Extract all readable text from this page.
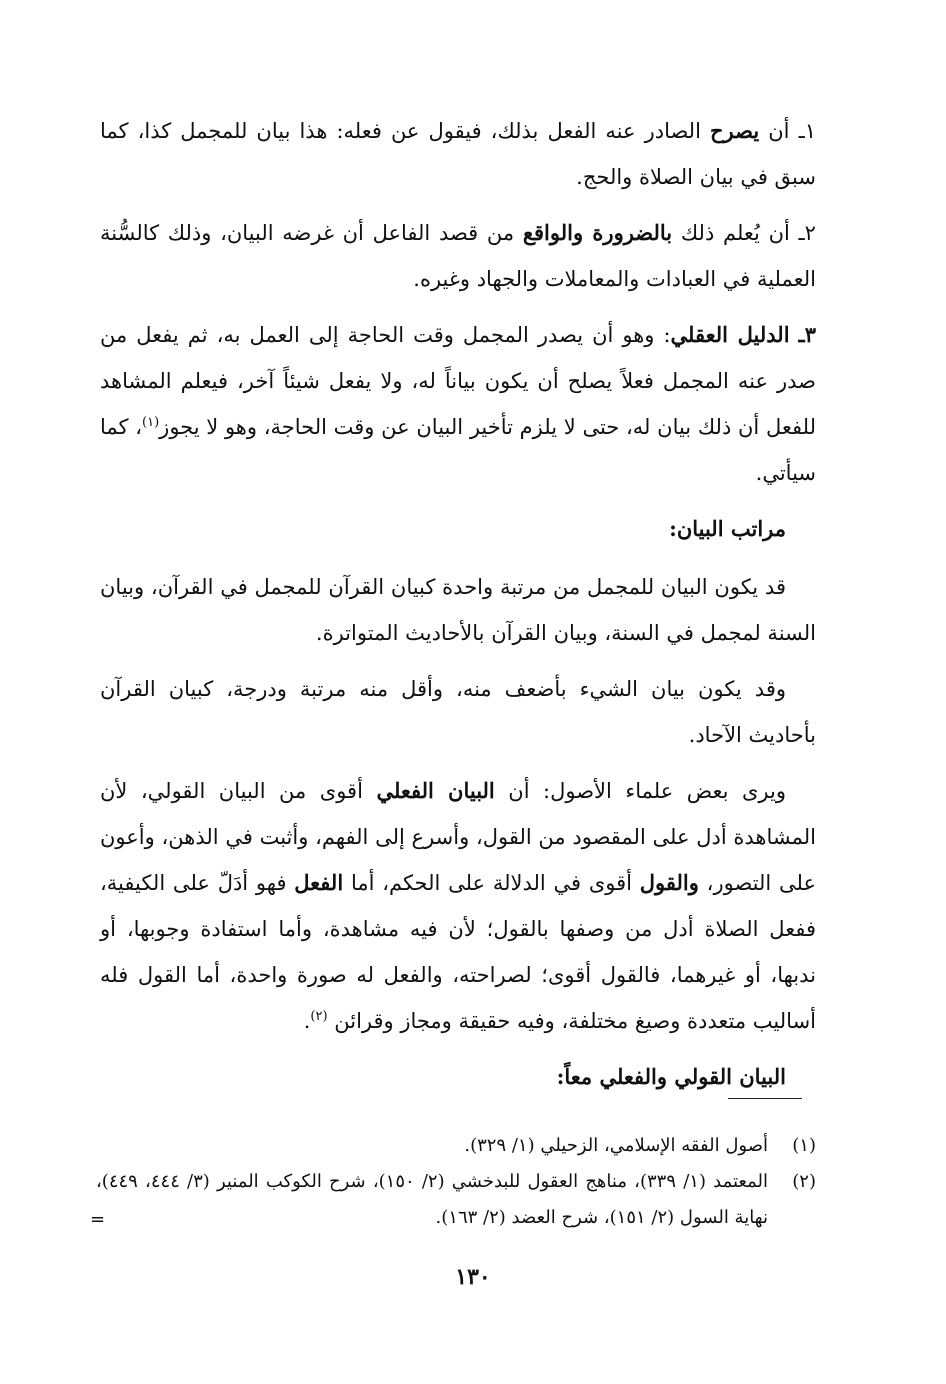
١ـ أن يصرح الصادر عنه الفعل بذلك، فيقول عن فعله: هذا بيان للمجمل كذا، كما سبق في بيان الصلاة والحج.

٢ـ أن يُعلم ذلك بالضرورة والواقع من قصد الفاعل أن غرضه البيان، وذلك كالسُّنة العملية في العبادات والمعاملات والجهاد وغيره.

٣ـ الدليل العقلي: وهو أن يصدر المجمل وقت الحاجة إلى العمل به، ثم يفعل من صدر عنه المجمل فعلاً يصلح أن يكون بياناً له، ولا يفعل شيئاً آخر، فيعلم المشاهد للفعل أن ذلك بيان له، حتى لا يلزم تأخير البيان عن وقت الحاجة، وهو لا يجوز$^{(١)}$، كما سيأتي.

مراتب البيان:

قد يكون البيان للمجمل من مرتبة واحدة كبيان القرآن للمجمل في القرآن، وبيان السنة لمجمل في السنة، وبيان القرآن بالأحاديث المتواترة.

وقد يكون بيان الشيء بأضعف منه، وأقل منه مرتبة ودرجة، كبيان القرآن بأحاديث الآحاد.

ويرى بعض علماء الأصول: أن البيان الفعلي أقوى من البيان القولي، لأن المشاهدة أدل على المقصود من القول، وأسرع إلى الفهم، وأثبت في الذهن، وأعون على التصور، والقول أقوى في الدلالة على الحكم، أما الفعل فهو أدَلّ على الكيفية، ففعل الصلاة أدل من وصفها بالقول؛ لأن فيه مشاهدة، وأما استفادة وجوبها، أو ندبها، أو غيرهما، فالقول أقوى؛ لصراحته، والفعل له صورة واحدة، أما القول فله أساليب متعددة وصيغ مختلفة، وفيه حقيقة ومجاز وقرائن $^{(٢)}$.

البيان القولي والفعلي معاً:

(١)
أصول الفقه الإسلامي، الزحيلي (١/ ٣٢٩).
(٢)
المعتمد (١/ ٣٣٩)، مناهج العقول للبدخشي (٢/ ١٥٠)، شرح الكوكب المنير (٣/ ٤٤٤، ٤٤٩)، نهاية السول (٢/ ١٥١)، شرح العضد (٢/ ١٦٣).
=
١٣٠
